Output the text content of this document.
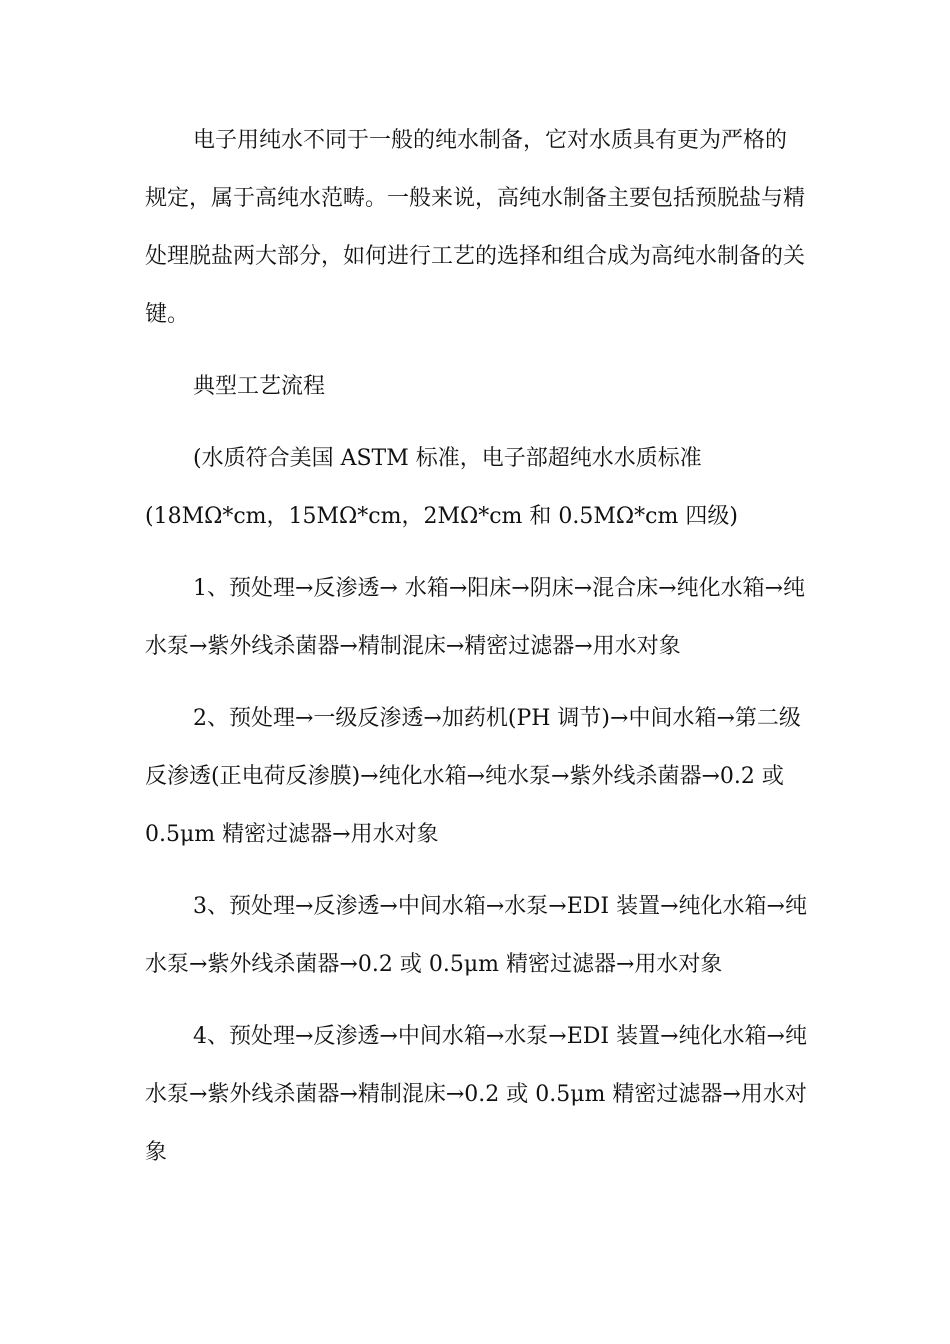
电子用纯水不同于一般的纯水制备，它对水质具有更为严格的规定，属于高纯水范畴。一般来说，高纯水制备主要包括预脱盐与精处理脱盐两大部分，如何进行工艺的选择和组合成为高纯水制备的关键。

典型工艺流程

(水质符合美国 ASTM 标准，电子部超纯水水质标准

(18MΩ*cm，15MΩ*cm，2MΩ*cm 和 0.5MΩ*cm 四级)

1、预处理→反渗透→ 水箱→阳床→阴床→混合床→纯化水箱→纯水泵→紫外线杀菌器→精制混床→精密过滤器→用水对象

2、预处理→一级反渗透→加药机(PH 调节)→中间水箱→第二级反渗透(正电荷反渗膜)→纯化水箱→纯水泵→紫外线杀菌器→0.2 或 0.5μm 精密过滤器→用水对象

3、预处理→反渗透→中间水箱→水泵→EDI 装置→纯化水箱→纯水泵→紫外线杀菌器→0.2 或 0.5μm 精密过滤器→用水对象

4、预处理→反渗透→中间水箱→水泵→EDI 装置→纯化水箱→纯水泵→紫外线杀菌器→精制混床→0.2 或 0.5μm 精密过滤器→用水对象
